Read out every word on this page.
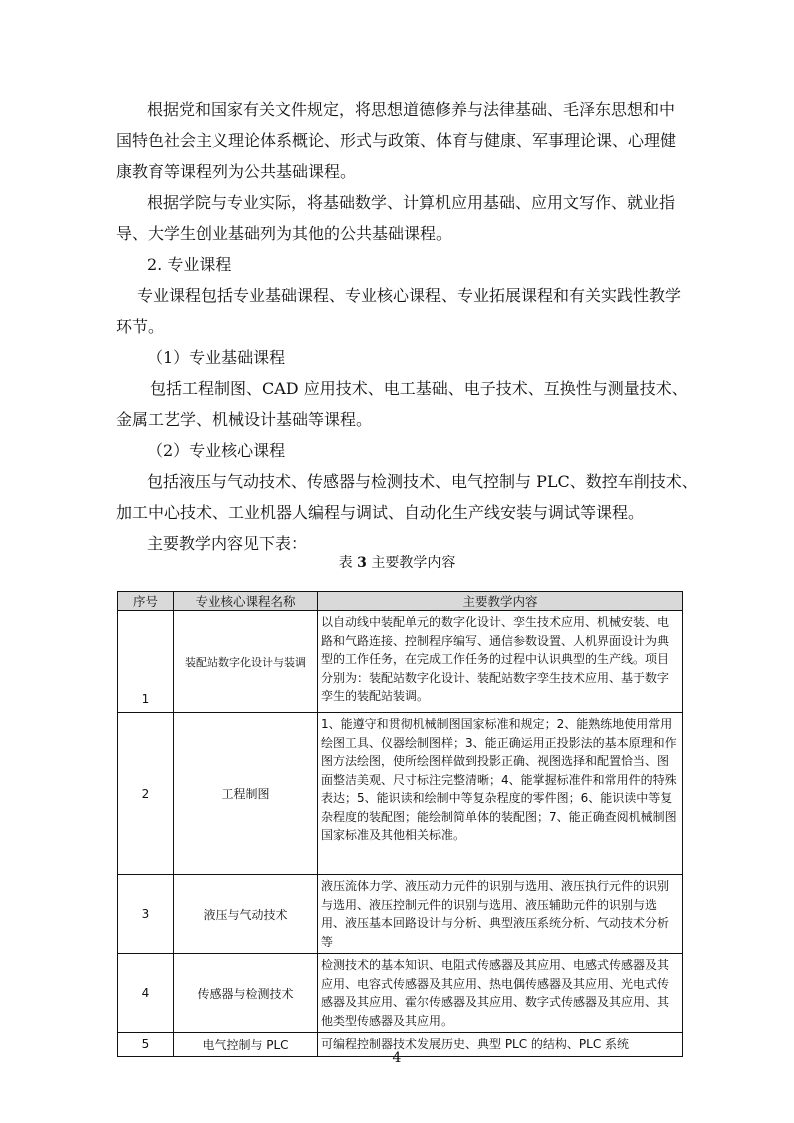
根据党和国家有关文件规定，将思想道德修养与法律基础、毛泽东思想和中

国特色社会主义理论体系概论、形式与政策、体育与健康、军事理论课、心理健

康教育等课程列为公共基础课程。

根据学院与专业实际，将基础数学、计算机应用基础、应用文写作、就业指

导、大学生创业基础列为其他的公共基础课程。

2. 专业课程

专业课程包括专业基础课程、专业核心课程、专业拓展课程和有关实践性教学

环节。

（1）专业基础课程

包括工程制图、CAD 应用技术、电工基础、电子技术、互换性与测量技术、

金属工艺学、机械设计基础等课程。

（2）专业核心课程

包括液压与气动技术、传感器与检测技术、电气控制与 PLC、数控车削技术、

加工中心技术、工业机器人编程与调试、自动化生产线安装与调试等课程。

主要教学内容见下表：

表 3 主要教学内容
序号	专业核心课程名称	主要教学内容
1	装配站数字化设计与装调	以自动线中装配单元的数字化设计、孪生技术应用、机械安装、电路和气路连接、控制程序编写、通信参数设置、人机界面设计为典型的工作任务，在完成工作任务的过程中认识典型的生产线。项目分别为：装配站数字化设计、装配站数字孪生技术应用、基于数字孪生的装配站装调。
2	工程制图	1、能遵守和贯彻机械制图国家标准和规定；2、能熟练地使用常用绘图工具、仪器绘制图样；3、能正确运用正投影法的基本原理和作图方法绘图，使所绘图样做到投影正确、视图选择和配置恰当、图面整洁美观、尺寸标注完整清晰；4、能掌握标准件和常用件的特殊表达；5、能识读和绘制中等复杂程度的零件图；6、能识读中等复杂程度的装配图；能绘制简单体的装配图；7、能正确查阅机械制图国家标准及其他相关标准。
3	液压与气动技术	液压流体力学、液压动力元件的识别与选用、液压执行元件的识别与选用、液压控制元件的识别与选用、液压辅助元件的识别与选用、液压基本回路设计与分析、典型液压系统分析、气动技术分析等
4	传感器与检测技术	检测技术的基本知识、电阻式传感器及其应用、电感式传感器及其应用、电容式传感器及其应用、热电偶传感器及其应用、光电式传感器及其应用、霍尔传感器及其应用、数字式传感器及其应用、其他类型传感器及其应用。
5	电气控制与 PLC	可编程控制器技术发展历史、典型 PLC 的结构、PLC 系统
4
